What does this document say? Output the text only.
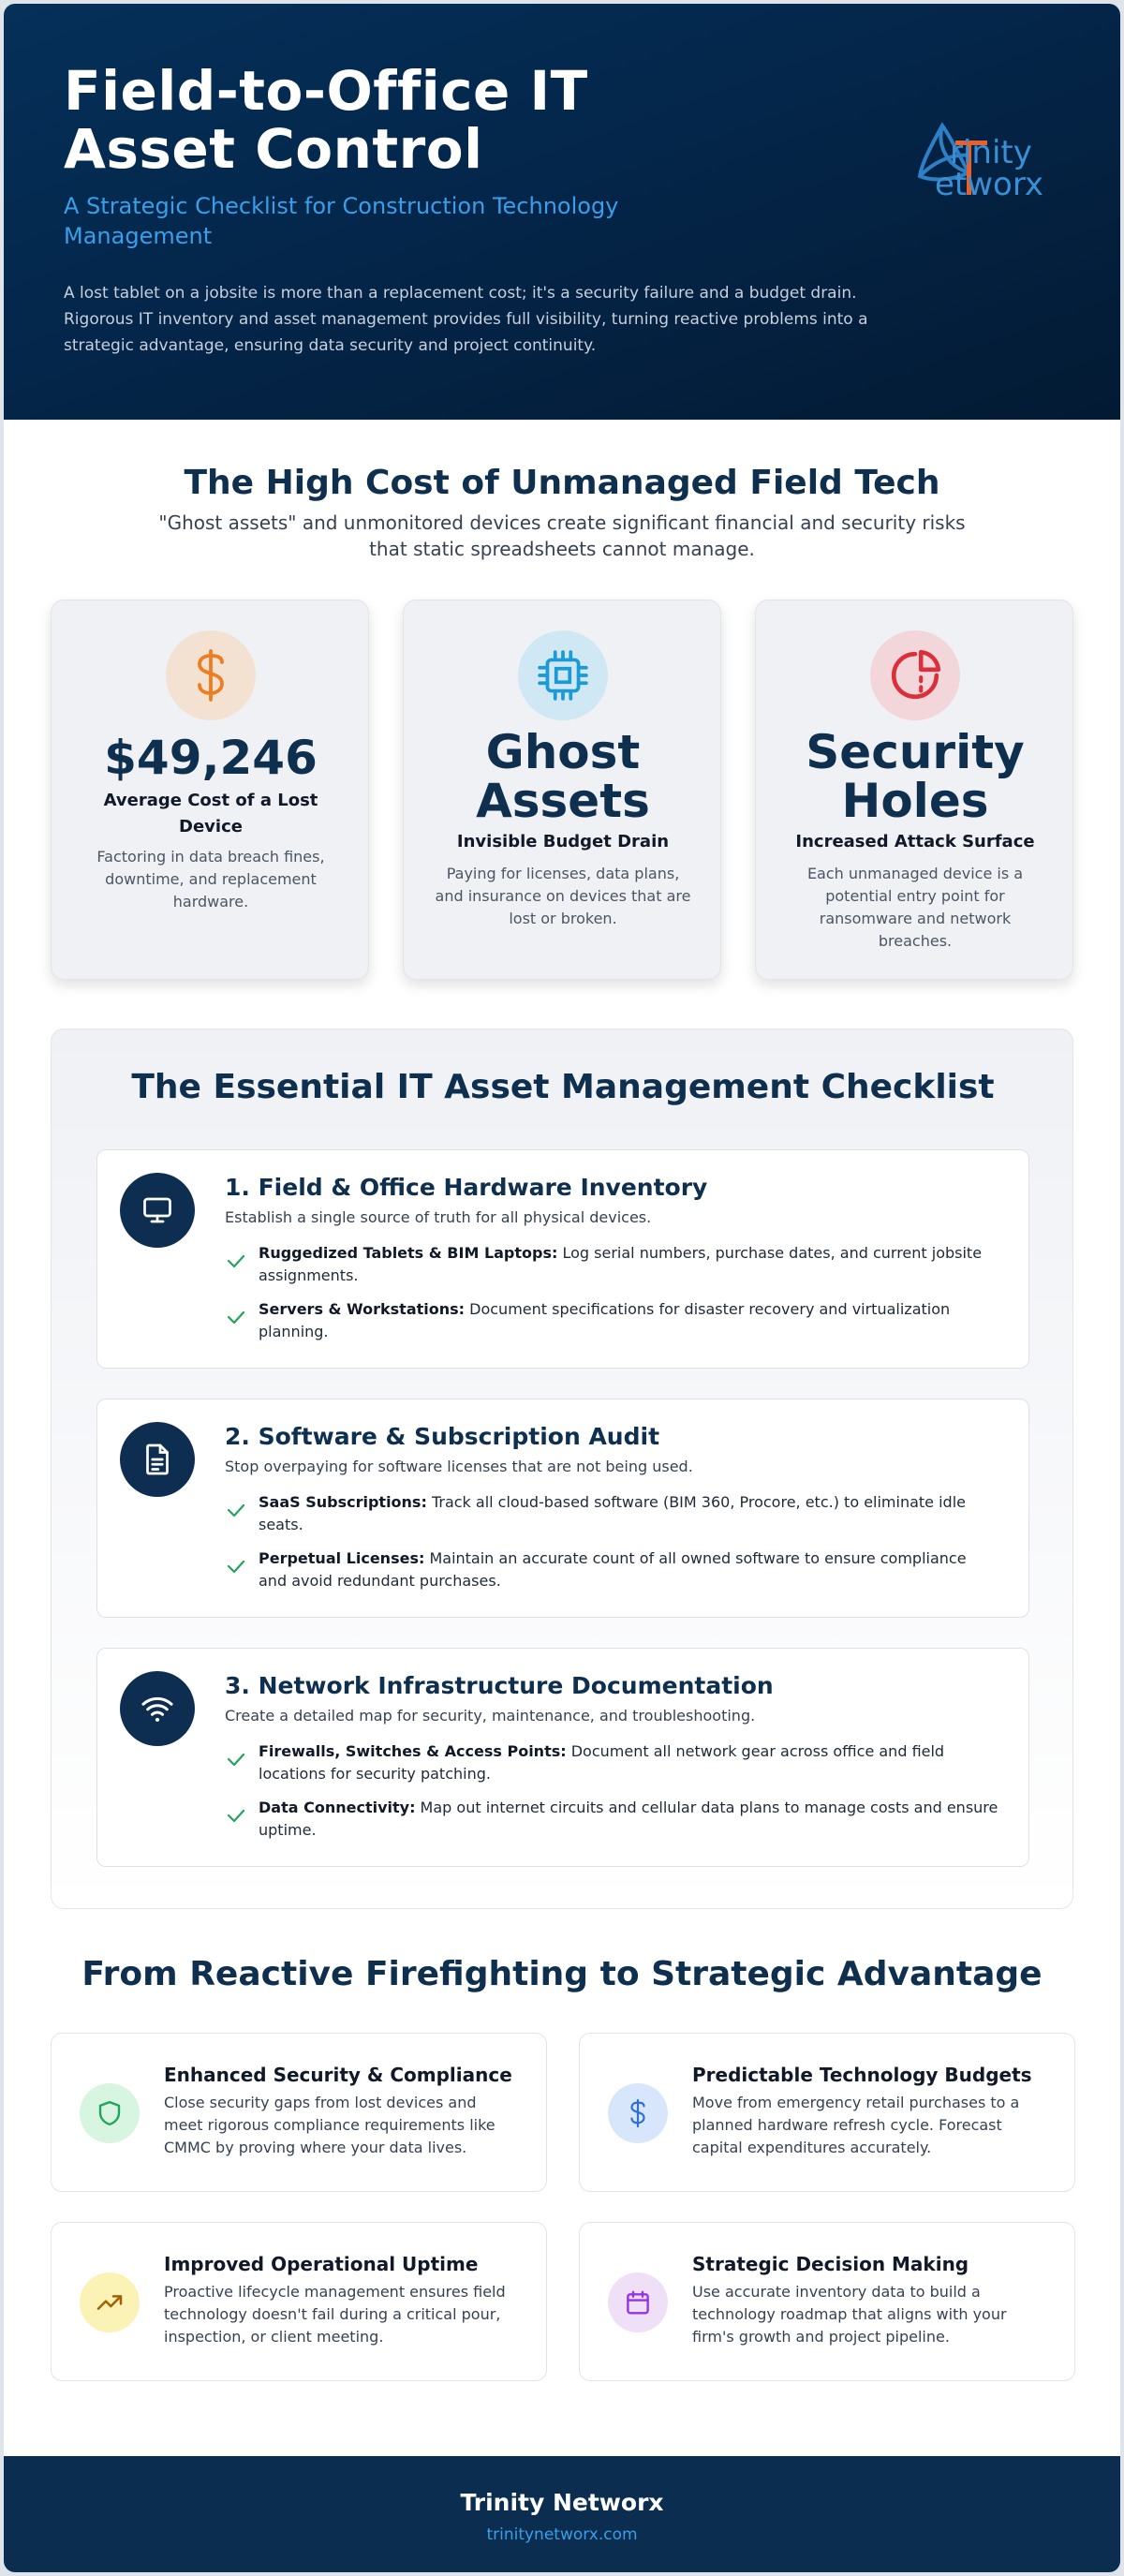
Field-to-Office IT Asset Control
A Strategic Checklist for Construction Technology Management
A lost tablet on a jobsite is more than a replacement cost; it's a security failure and a budget drain. Rigorous IT inventory and asset management provides full visibility, turning reactive problems into a strategic advantage, ensuring data security and project continuity.
rinity
etworx
The High Cost of Unmanaged Field Tech
"Ghost assets" and unmonitored devices create significant financial and security risks that static spreadsheets cannot manage.
$49,246
Average Cost of a Lost Device
Factoring in data breach fines, downtime, and replacement hardware.
Ghost Assets
Invisible Budget Drain
Paying for licenses, data plans, and insurance on devices that are lost or broken.
Security Holes
Increased Attack Surface
Each unmanaged device is a potential entry point for ransomware and network breaches.
The Essential IT Asset Management Checklist
1. Field & Office Hardware Inventory
Establish a single source of truth for all physical devices.
Ruggedized Tablets & BIM Laptops: Log serial numbers, purchase dates, and current jobsite assignments.
Servers & Workstations: Document specifications for disaster recovery and virtualization planning.
2. Software & Subscription Audit
Stop overpaying for software licenses that are not being used.
SaaS Subscriptions: Track all cloud-based software (BIM 360, Procore, etc.) to eliminate idle seats.
Perpetual Licenses: Maintain an accurate count of all owned software to ensure compliance and avoid redundant purchases.
3. Network Infrastructure Documentation
Create a detailed map for security, maintenance, and troubleshooting.
Firewalls, Switches & Access Points: Document all network gear across office and field locations for security patching.
Data Connectivity: Map out internet circuits and cellular data plans to manage costs and ensure uptime.
From Reactive Firefighting to Strategic Advantage
Enhanced Security & Compliance
Close security gaps from lost devices and meet rigorous compliance requirements like CMMC by proving where your data lives.
Predictable Technology Budgets
Move from emergency retail purchases to a planned hardware refresh cycle. Forecast capital expenditures accurately.
Improved Operational Uptime
Proactive lifecycle management ensures field technology doesn't fail during a critical pour, inspection, or client meeting.
Strategic Decision Making
Use accurate inventory data to build a technology roadmap that aligns with your firm's growth and project pipeline.
Trinity Networx
trinitynetworx.com
